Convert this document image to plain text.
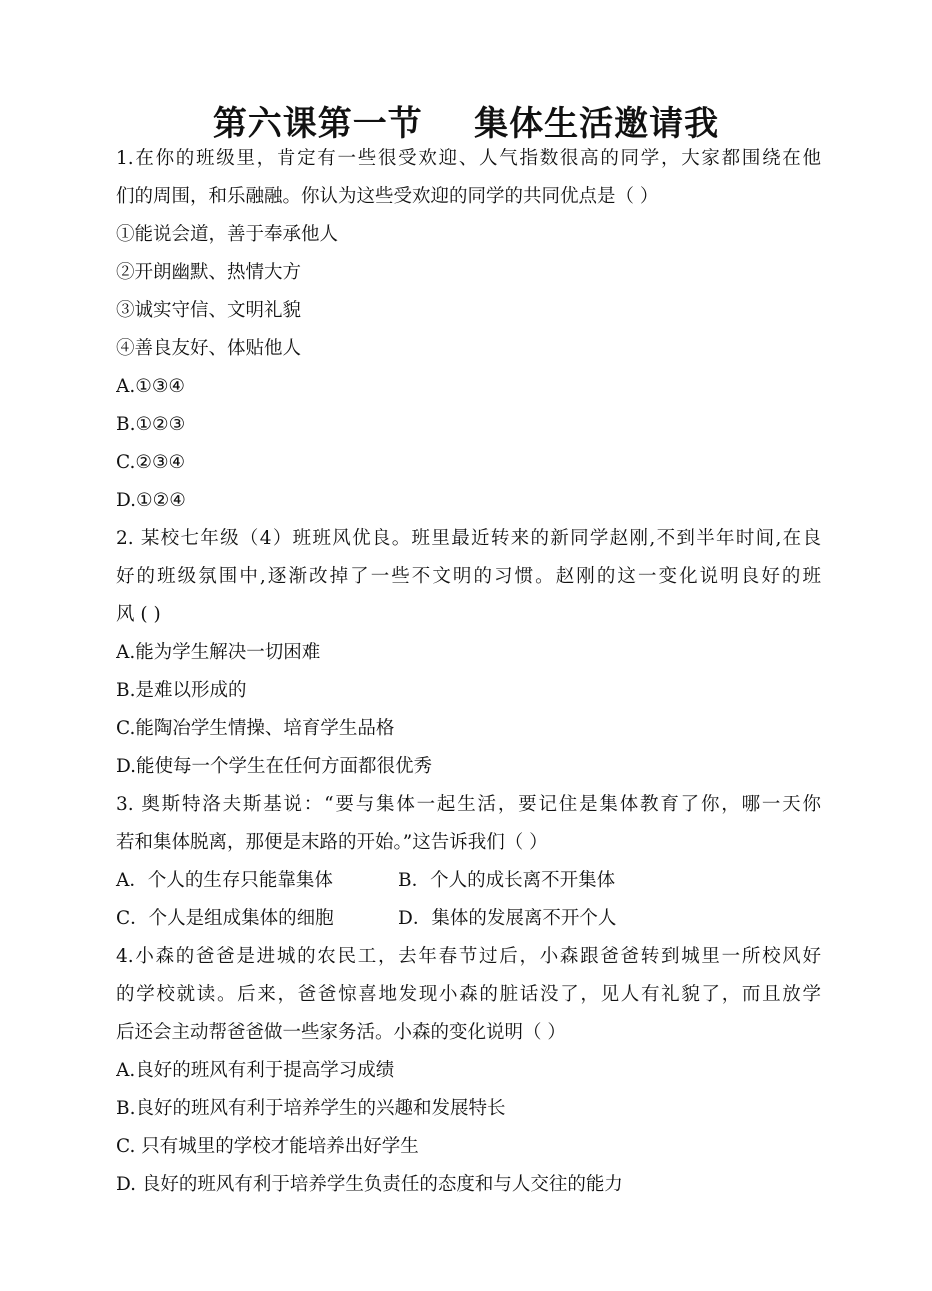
第六课第一节    集体生活邀请我
1.在你的班级里，肯定有一些很受欢迎、人气指数很高的同学，大家都围绕在他
们的周围，和乐融融。你认为这些受欢迎的同学的共同优点是（ ）
①能说会道，善于奉承他人
②开朗幽默、热情大方
③诚实守信、文明礼貌
④善良友好、体贴他人
A.①③④
B.①②③
C.②③④
D.①②④
2. 某校七年级（4）班班风优良。班里最近转来的新同学赵刚,不到半年时间,在良
好的班级氛围中,逐渐改掉了一些不文明的习惯。赵刚的这一变化说明良好的班
风 ( )
A.能为学生解决一切困难
B.是难以形成的
C.能陶冶学生情操、培育学生品格
D.能使每一个学生在任何方面都很优秀
3. 奥斯特洛夫斯基说：“要与集体一起生活，要记住是集体教育了你，哪一天你
若和集体脱离，那便是末路的开始。”这告诉我们（ ）
A．个人的生存只能靠集体	B．个人的成长离不开集体
C．个人是组成集体的细胞	D．集体的发展离不开个人
4.小森的爸爸是进城的农民工，去年春节过后，小森跟爸爸转到城里一所校风好
的学校就读。后来，爸爸惊喜地发现小森的脏话没了，见人有礼貌了，而且放学
后还会主动帮爸爸做一些家务活。小森的变化说明（ ）
A.良好的班风有利于提高学习成绩
B.良好的班风有利于培养学生的兴趣和发展特长
C. 只有城里的学校才能培养出好学生
D. 良好的班风有利于培养学生负责任的态度和与人交往的能力
